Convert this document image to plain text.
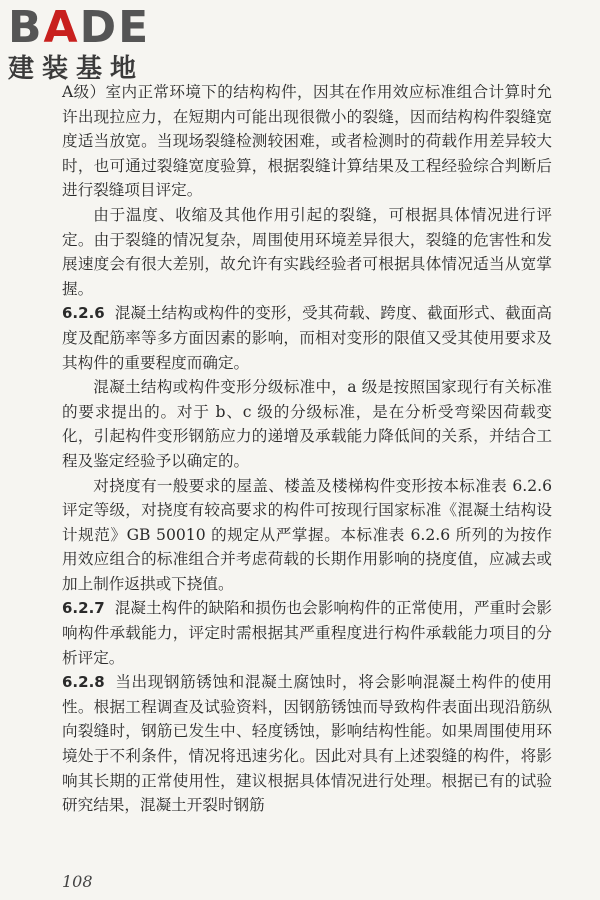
BADE
建装基地

A级）室内正常环境下的结构构件，因其在作用效应标准组合计算时允许出现拉应力，在短期内可能出现很微小的裂缝，因而结构构件裂缝宽度适当放宽。当现场裂缝检测较困难，或者检测时的荷载作用差异较大时，也可通过裂缝宽度验算，根据裂缝计算结果及工程经验综合判断后进行裂缝项目评定。

由于温度、收缩及其他作用引起的裂缝，可根据具体情况进行评定。由于裂缝的情况复杂，周围使用环境差异很大，裂缝的危害性和发展速度会有很大差别，故允许有实践经验者可根据具体情况适当从宽掌握。

6.2.6 混凝土结构或构件的变形，受其荷载、跨度、截面形式、截面高度及配筋率等多方面因素的影响，而相对变形的限值又受其使用要求及其构件的重要程度而确定。

混凝土结构或构件变形分级标准中，a 级是按照国家现行有关标准的要求提出的。对于 b、c 级的分级标准，是在分析受弯梁因荷载变化，引起构件变形钢筋应力的递增及承载能力降低间的关系，并结合工程及鉴定经验予以确定的。

对挠度有一般要求的屋盖、楼盖及楼梯构件变形按本标准表 6.2.6 评定等级，对挠度有较高要求的构件可按现行国家标准《混凝土结构设计规范》GB 50010 的规定从严掌握。本标准表 6.2.6 所列的为按作用效应组合的标准组合并考虑荷载的长期作用影响的挠度值，应减去或加上制作返拱或下挠值。

6.2.7 混凝土构件的缺陷和损伤也会影响构件的正常使用，严重时会影响构件承载能力，评定时需根据其严重程度进行构件承载能力项目的分析评定。

6.2.8 当出现钢筋锈蚀和混凝土腐蚀时，将会影响混凝土构件的使用性。根据工程调查及试验资料，因钢筋锈蚀而导致构件表面出现沿筋纵向裂缝时，钢筋已发生中、轻度锈蚀，影响结构性能。如果周围使用环境处于不利条件，情况将迅速劣化。因此对具有上述裂缝的构件，将影响其长期的正常使用性，建议根据具体情况进行处理。根据已有的试验研究结果，混凝土开裂时钢筋

108
